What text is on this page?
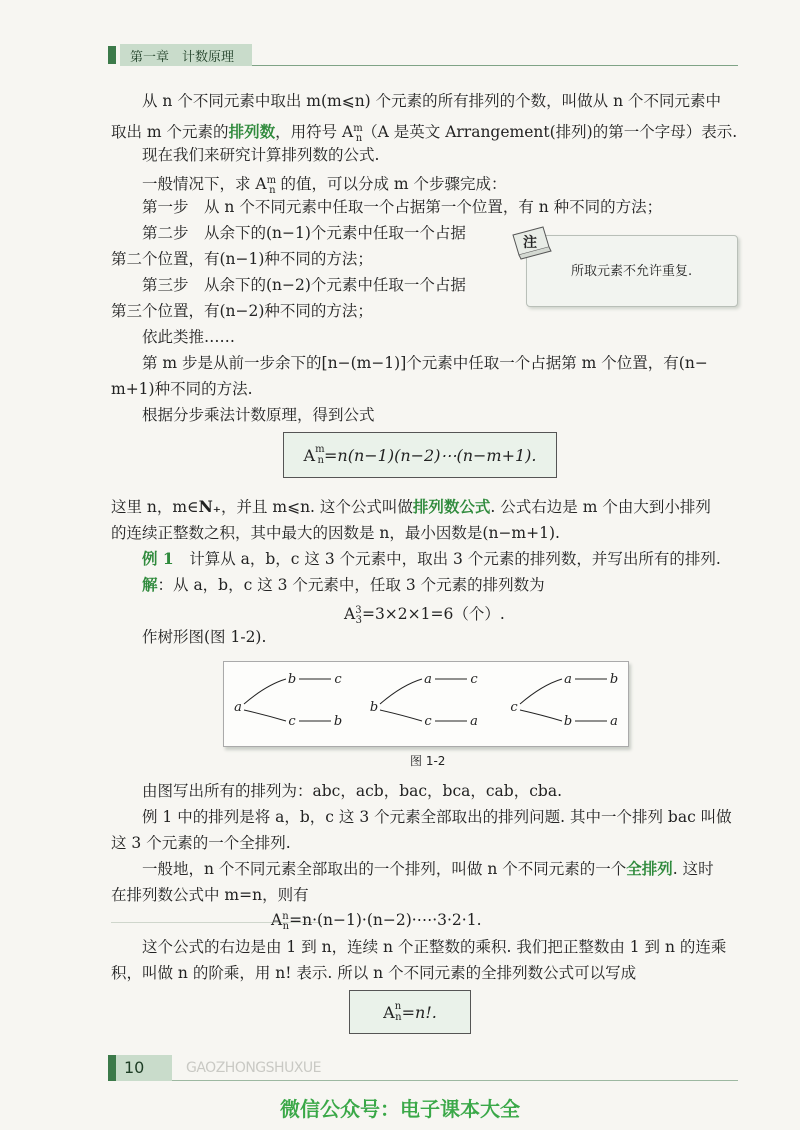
第一章　计数原理
从 n 个不同元素中取出 m(m⩽n) 个元素的所有排列的个数，叫做从 n 个不同元素中
取出 m 个元素的排列数，用符号 $A^m_n(A$ 是英文 Arrangement(排列)的第一个字母）表示.
现在我们来研究计算排列数的公式.
一般情况下，求 $A^m_n$ 的值，可以分成 m 个步骤完成：
第一步　从 n 个不同元素中任取一个占据第一个位置，有 n 种不同的方法；
第二步　从余下的(n−1)个元素中任取一个占据
第二个位置，有(n−1)种不同的方法；
第三步　从余下的(n−2)个元素中任取一个占据
第三个位置，有(n−2)种不同的方法；
依此类推……
第 m 步是从前一步余下的[n−(m−1)]个元素中任取一个占据第 m 个位置，有(n−
m+1)种不同的方法.
根据分步乘法计数原理，得到公式
所取元素不允许重复.
注
$A^m$
$_n$ =n(n−1)(n−2)⋯(n−m+1).
这里 n，m∈N₊，并且 m⩽n. 这个公式叫做排列数公式. 公式右边是 m 个由大到小排列
的连续正整数之积，其中最大的因数是 n，最小因数是(n−m+1).
例 1　计算从 a，b，c 这 3 个元素中，取出 3 个元素的排列数，并写出所有的排列.
解：从 a，b，c 这 3 个元素中，任取 3 个元素的排列数为
$A^3_3=3\times 2\times 1=6$（个）.
作树形图(图 1-2).
a
b
c
c
b
b
a
c
c
a
c
a
b
b
a
图 1-2
由图写出所有的排列为：abc，acb，bac，bca，cab，cba.
例 1 中的排列是将 a，b，c 这 3 个元素全部取出的排列问题. 其中一个排列 bac 叫做
这 3 个元素的一个全排列.
一般地，n 个不同元素全部取出的一个排列，叫做 n 个不同元素的一个全排列. 这时
在排列数公式中 m=n，则有
$A^n_n=n\cdot(n-1)\cdot(n-2)\cdot\cdots\cdot 3\cdot 2\cdot 1$.
这个公式的右边是由 1 到 n，连续 n 个正整数的乘积. 我们把正整数由 1 到 n 的连乘
积，叫做 n 的阶乘，用 n! 表示. 所以 n 个不同元素的全排列数公式可以写成
$A^n$
$_n$ =n!.
10	GAOZHONGSHUXUE
微信公众号：电子课本大全
